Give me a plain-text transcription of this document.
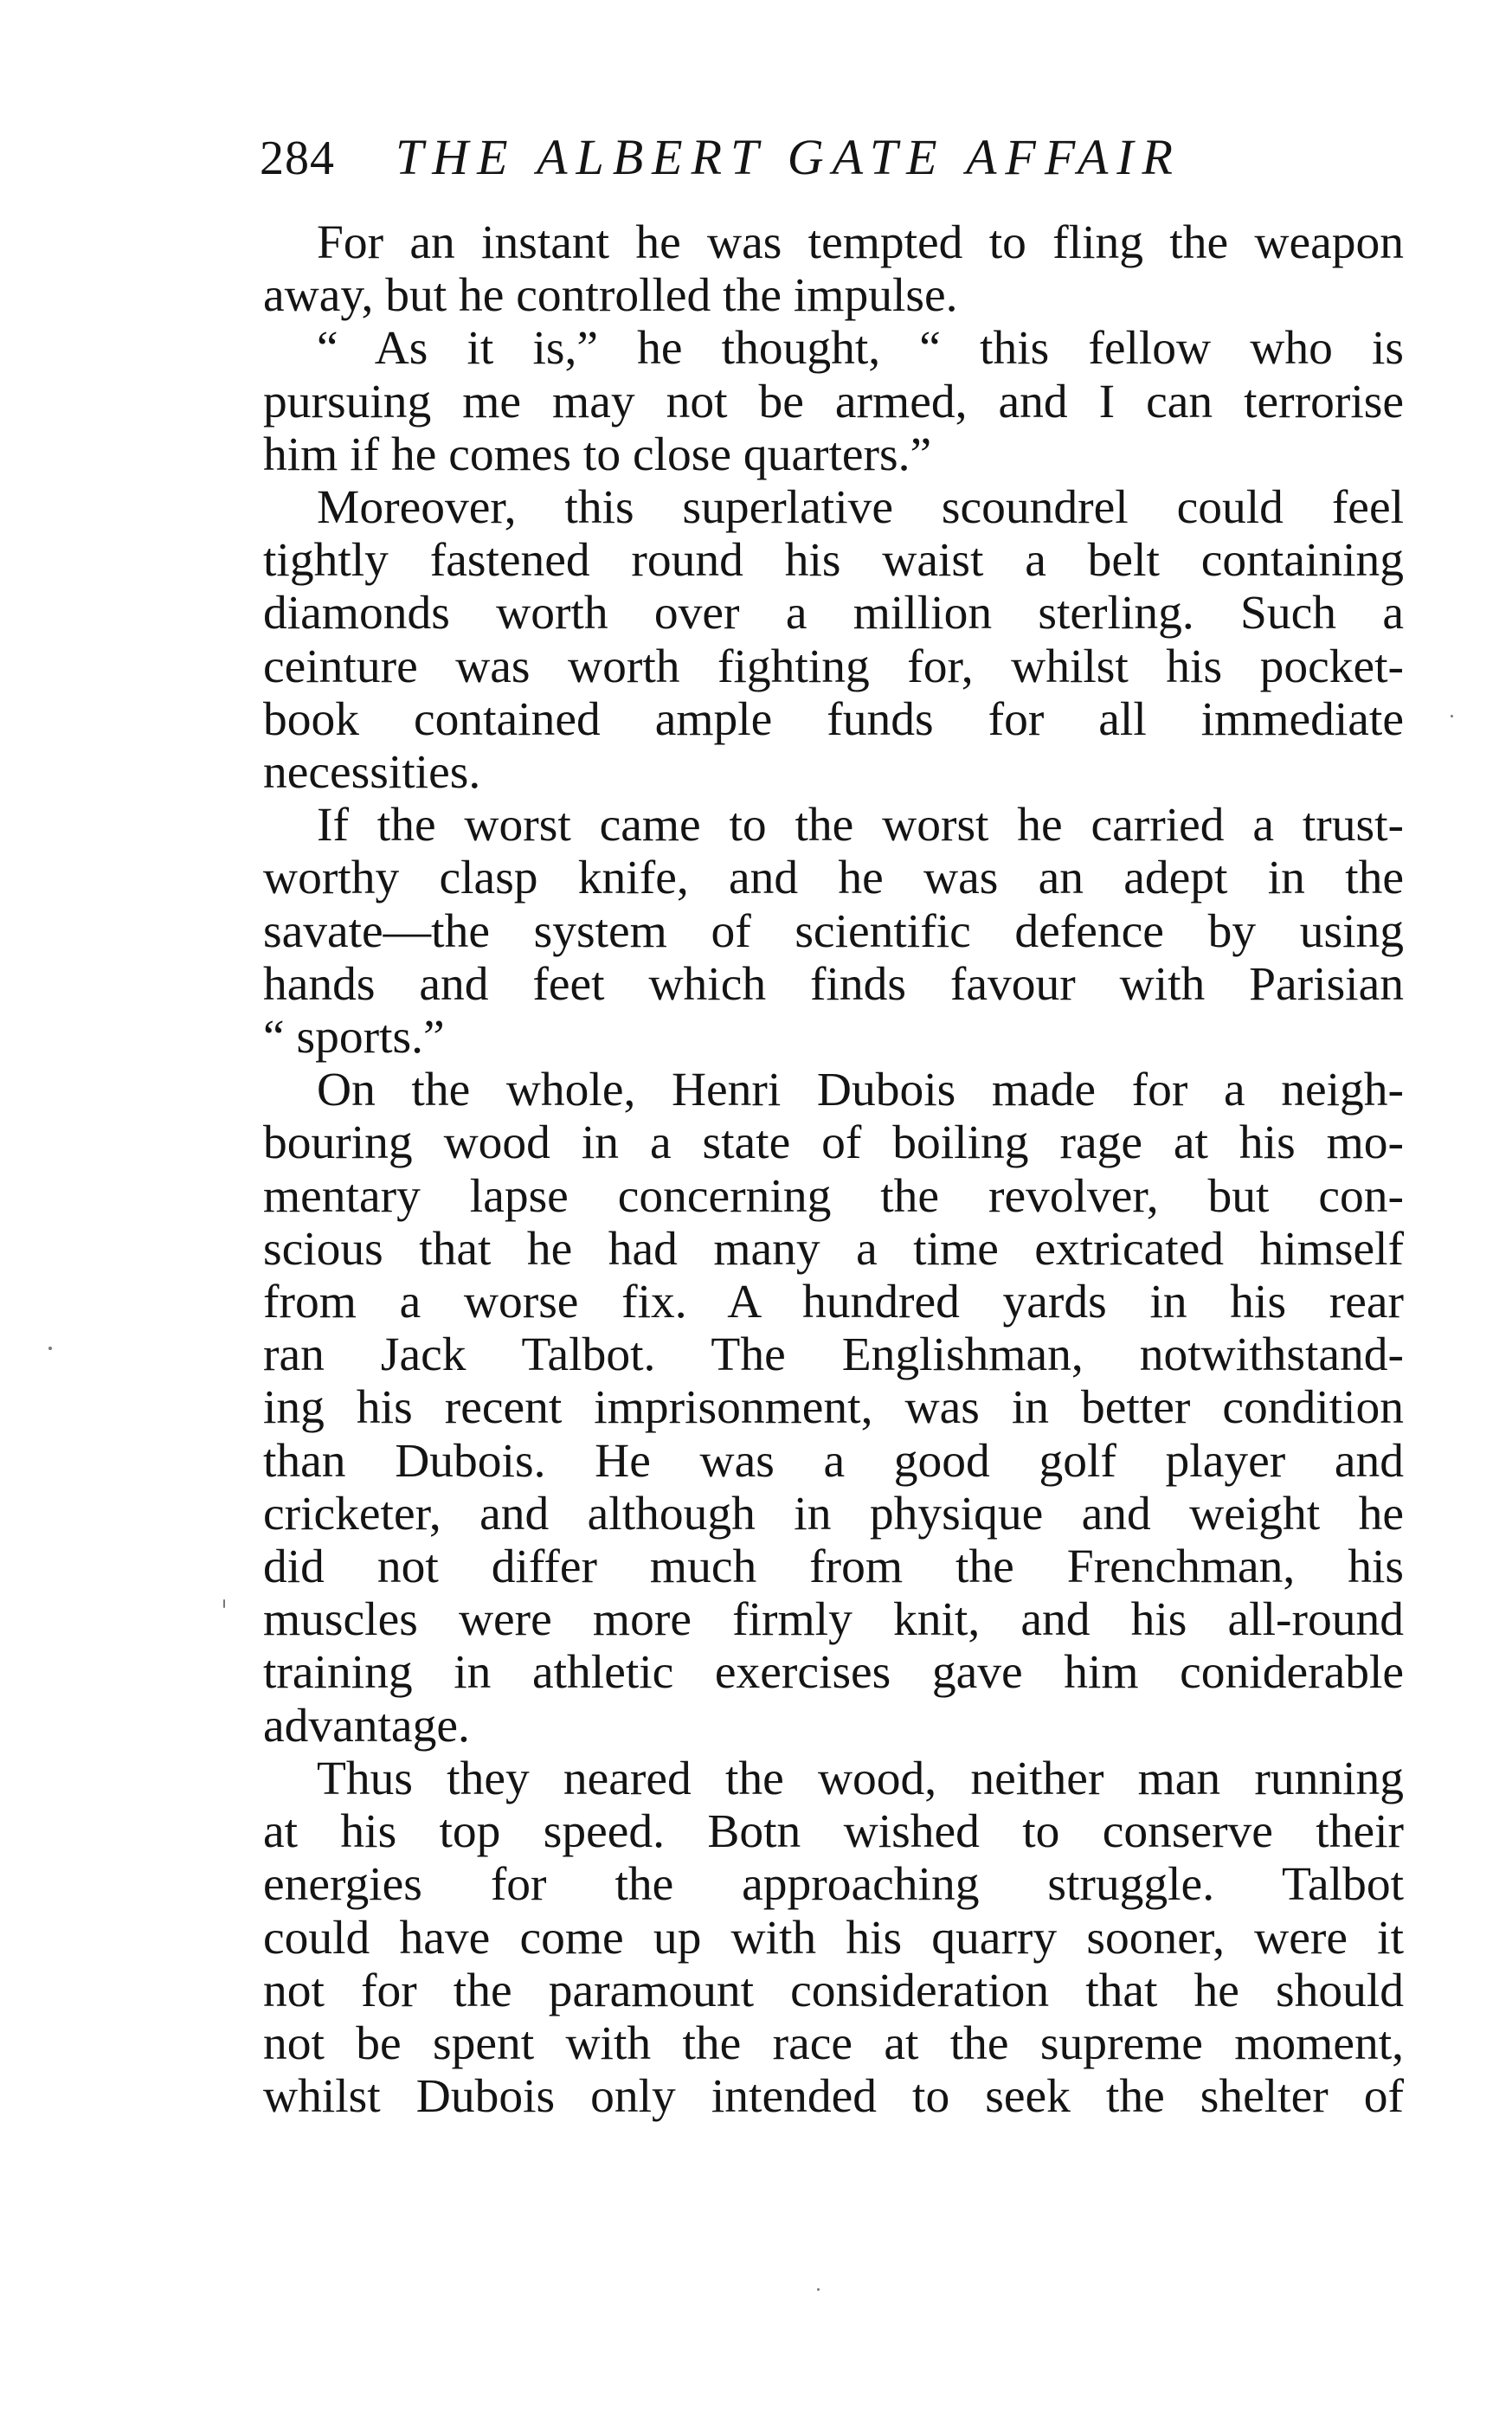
284 THE ALBERT GATE AFFAIR

For an instant he was tempted to fling the weapon
away, but he controlled the impulse.

“ As it is,” he thought, “ this fellow who is
pursuing me may not be armed, and I can terrorise
him if he comes to close quarters.”

Moreover, this superlative scoundrel could feel
tightly fastened round his waist a belt containing
diamonds worth over a million sterling. Such a
ceinture was worth fighting for, whilst his pocket-
book contained ample funds for all immediate
necessities.

If the worst came to the worst he carried a trust-
worthy clasp knife, and he was an adept in the
savate—the system of scientific defence by using
hands and feet which finds favour with Parisian
“ sports.”

On the whole, Henri Dubois made for a neigh-
bouring wood in a state of boiling rage at his mo-
mentary lapse concerning the revolver, but con-
scious that he had many a time extricated himself
from a worse fix. A hundred yards in his rear
ran Jack Talbot. The Englishman, notwithstand-
ing his recent imprisonment, was in better condition
than Dubois. He was a good golf player and
cricketer, and although in physique and weight he
did not differ much from the Frenchman, his
muscles were more firmly knit, and his all-round
training in athletic exercises gave him coniderable
advantage.

Thus they neared the wood, neither man running
at his top speed. Botn wished to conserve their
energies for the approaching struggle. Talbot
could have come up with his quarry sooner, were it
not for the paramount consideration that he should
not be spent with the race at the supreme moment,
whilst Dubois only intended to seek the shelter of
